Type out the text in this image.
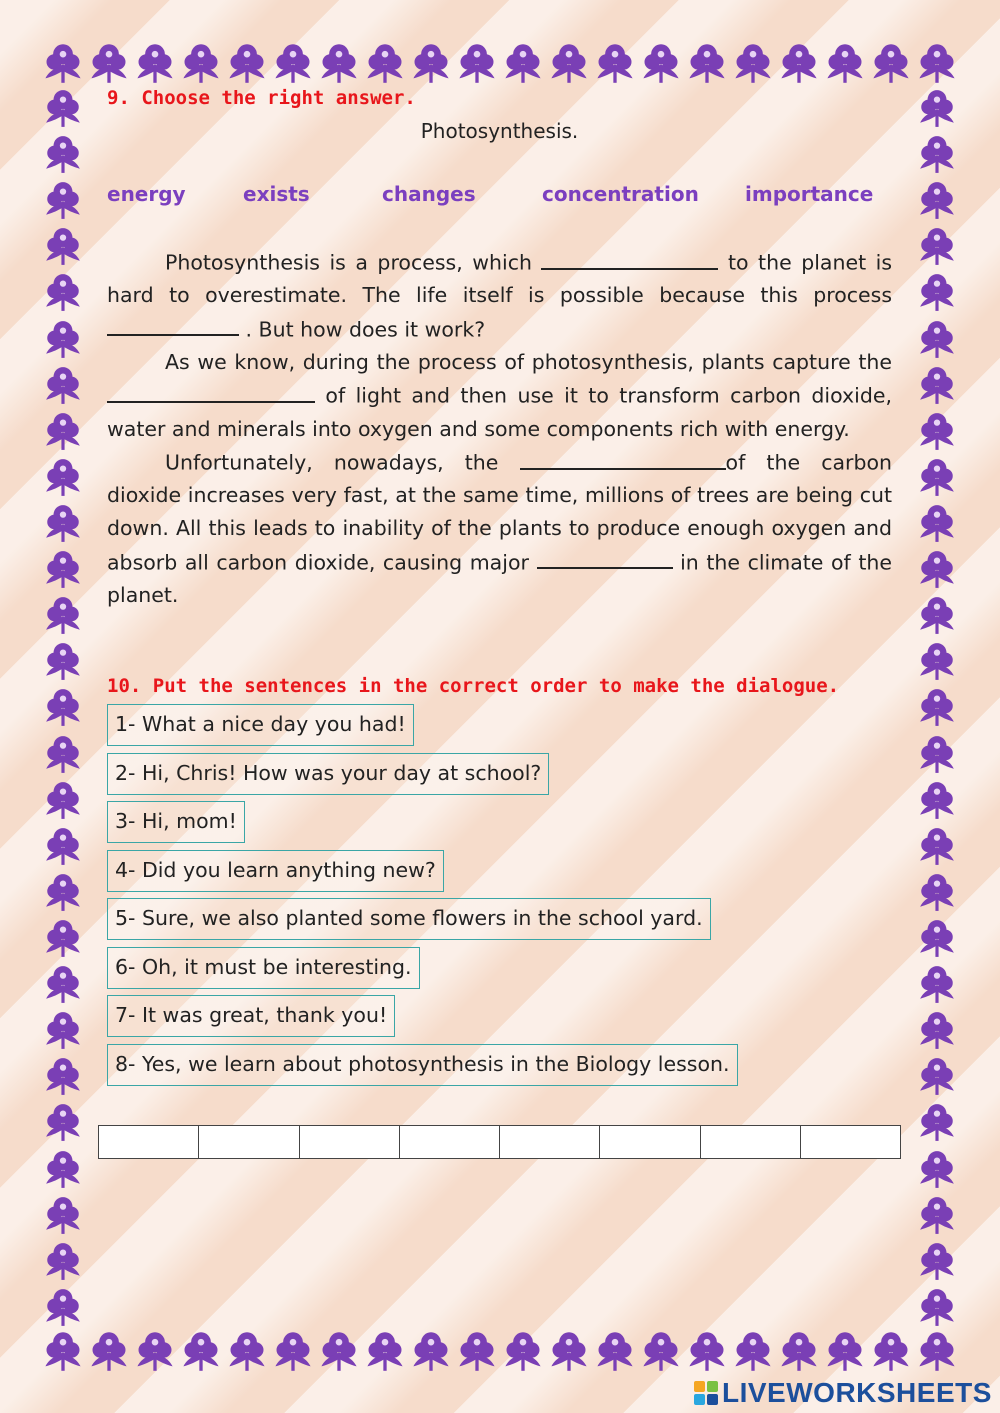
9. Choose the right answer.
Photosynthesis.
energy	exists	changes	concentration importance

Photosynthesis is a process, which	to the planet is hard to overestimate. The life itself is possible because this process  . But how does it work?

As we know, during the process of photosynthesis, plants capture the  of light and then use it to transform carbon dioxide, water and minerals into oxygen and some components rich with energy.

Unfortunately, nowadays, the	of the carbon dioxide increases very fast, at the same time, millions of trees are being cut down. All this leads to inability of the plants to produce enough oxygen and absorb all carbon dioxide, causing major	in the climate of the planet.

10. Put the sentences in the correct order to make the dialogue.
1- What a nice day you had!
2- Hi, Chris! How was your day at school?
3- Hi, mom!
4- Did you learn anything new?
5- Sure, we also planted some flowers in the school yard.
6- Oh, it must be interesting.
7- It was great, thank you!
8- Yes, we learn about photosynthesis in the Biology lesson.
LIVEWORKSHEETS
